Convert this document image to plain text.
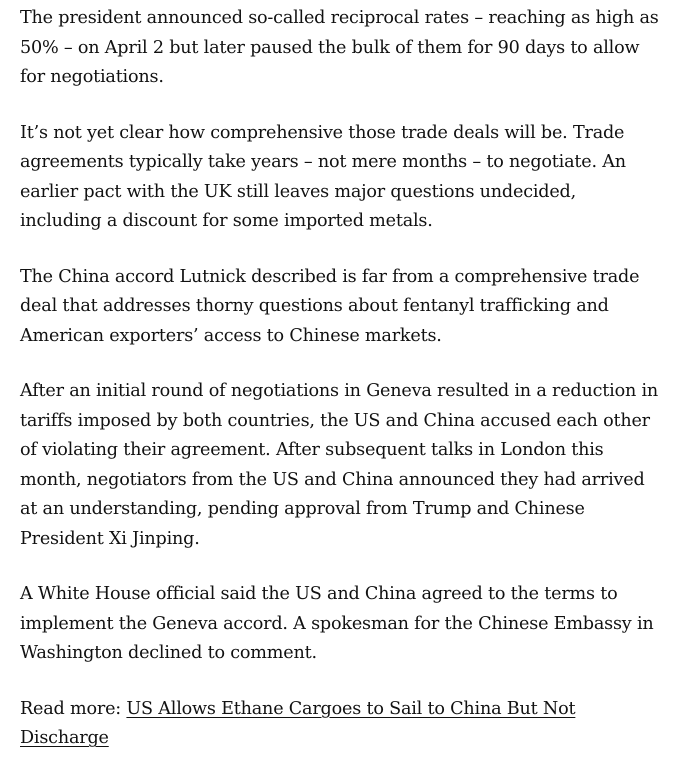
The president announced so-called reciprocal rates – reaching as high as 50% – on April 2 but later paused the bulk of them for 90 days to allow for negotiations.

It’s not yet clear how comprehensive those trade deals will be. Trade agreements typically take years – not mere months – to negotiate. An earlier pact with the UK still leaves major questions undecided, including a discount for some imported metals.

The China accord Lutnick described is far from a comprehensive trade deal that addresses thorny questions about fentanyl trafficking and American exporters’ access to Chinese markets.

After an initial round of negotiations in Geneva resulted in a reduction in tariffs imposed by both countries, the US and China accused each other of violating their agreement. After subsequent talks in London this month, negotiators from the US and China announced they had arrived at an understanding, pending approval from Trump and Chinese President Xi Jinping.

A White House official said the US and China agreed to the terms to implement the Geneva accord. A spokesman for the Chinese Embassy in Washington declined to comment.

Read more: US Allows Ethane Cargoes to Sail to China But Not Discharge
